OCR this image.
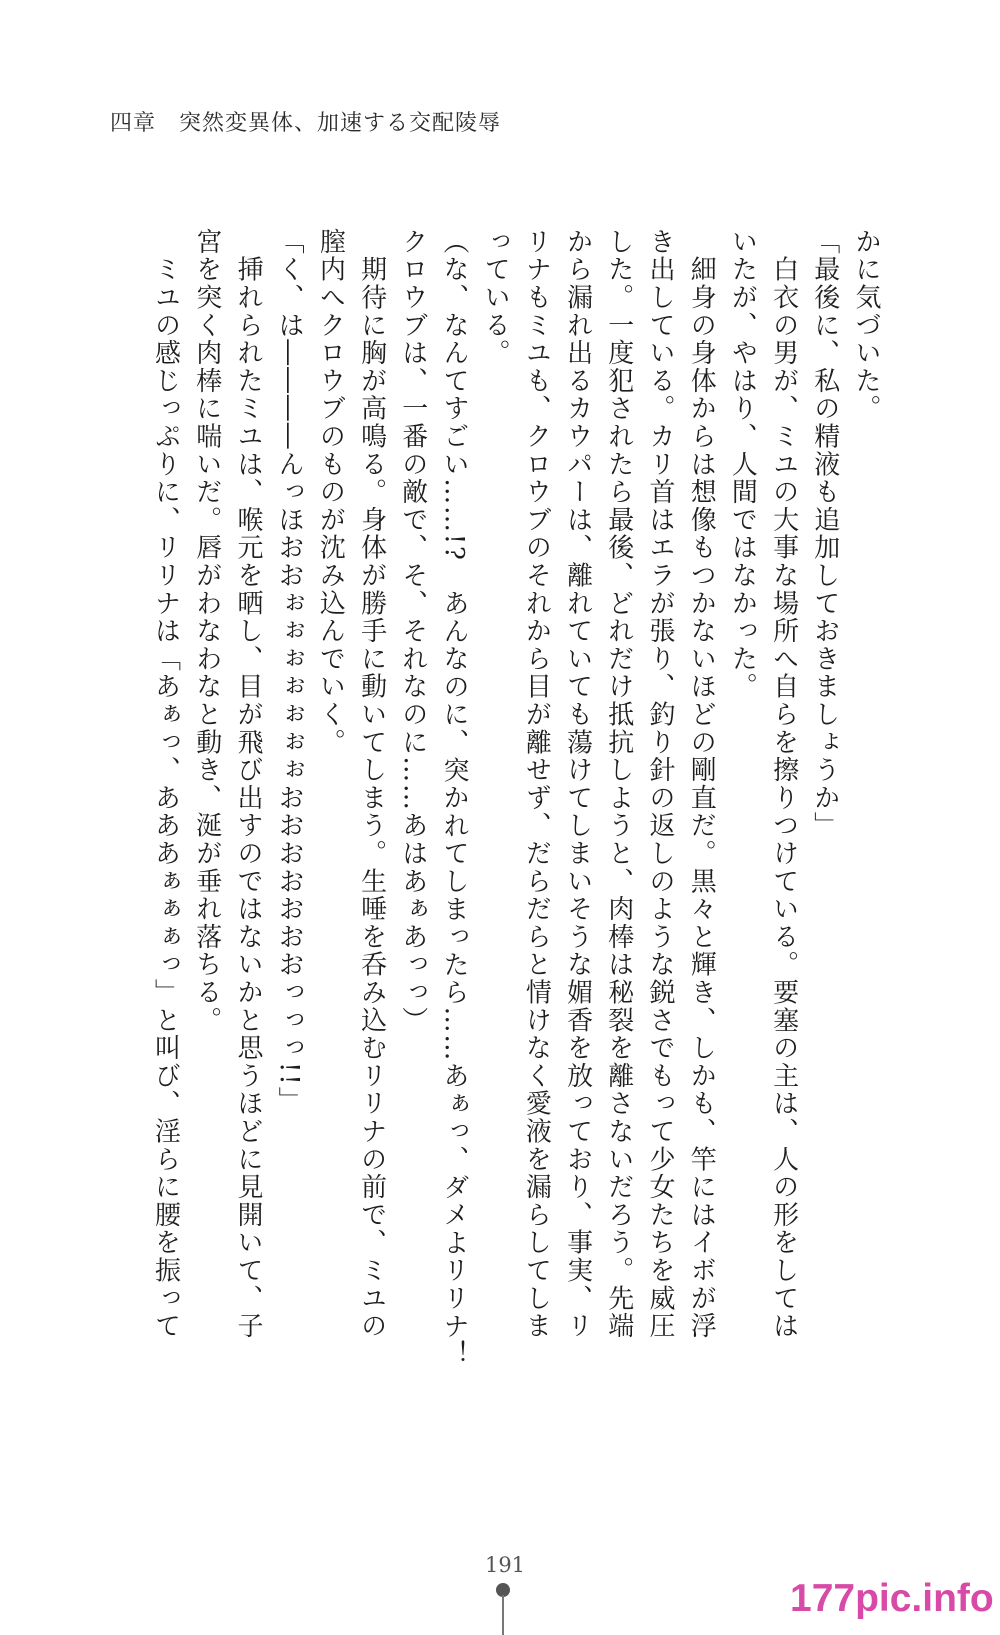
四章　突然変異体、加速する交配陵辱
かに気づいた。
「最後に、私の精液も追加しておきましょうか」
　白衣の男が、ミユの大事な場所へ自らを擦りつけている。要塞の主は、人の形をしては
いたが、やはり、人間ではなかった。
　細身の身体からは想像もつかないほどの剛直だ。黒々と輝き、しかも、竿にはイボが浮
き出している。カリ首はエラが張り、釣り針の返しのような鋭さでもって少女たちを威圧
した。一度犯されたら最後、どれだけ抵抗しようと、肉棒は秘裂を離さないだろう。先端
から漏れ出るカウパーは、離れていても蕩けてしまいそうな媚香を放っており、事実、リ
リナもミユも、クロウブのそれから目が離せず、だらだらと情けなく愛液を漏らしてしま
っている。
（な、なんてすごい……!?　あんなのに、突かれてしまったら……あぁっ、ダメよリリナ！
クロウブは、一番の敵で、そ、それなのに……あはあぁあっっ）
　期待に胸が高鳴る。身体が勝手に動いてしまう。生唾を呑み込むリリナの前で、ミユの
膣内へクロウブのものが沈み込んでいく。
「く、は――――んっほおおぉぉぉぉぉぉぉおおおおおおおっっっ!!」
　挿れられたミユは、喉元を晒し、目が飛び出すのではないかと思うほどに見開いて、子
宮を突く肉棒に喘いだ。唇がわなわなと動き、涎が垂れ落ちる。
　ミユの感じっぷりに、リリナは「あぁっ、あああぁぁぁっ」と叫び、淫らに腰を振って
191
177pic.info
